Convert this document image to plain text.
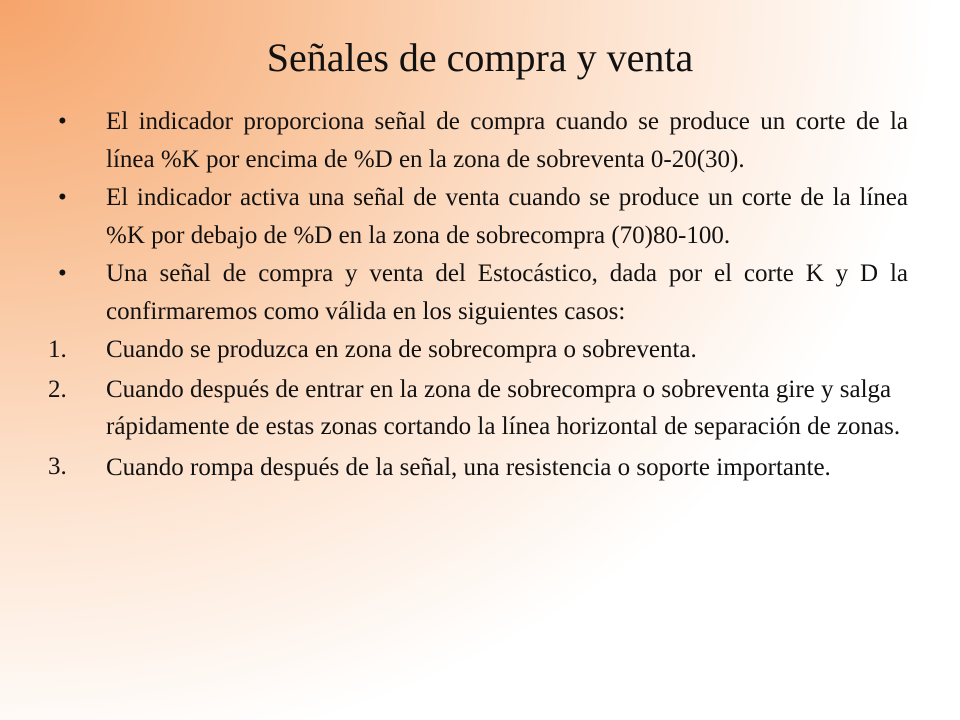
Señales de compra y venta
•	El indicador proporciona señal de compra cuando se produce un corte de la línea %K por encima de %D en la zona de sobreventa 0-20(30).
•	El indicador activa una señal de venta cuando se produce un corte de la línea %K por debajo de %D en la zona de sobrecompra (70)80-100.
•	Una señal de compra y venta del Estocástico, dada por el corte K y D la confirmaremos como válida en los siguientes casos:
1.	Cuando se produzca en zona de sobrecompra o sobreventa.
2.	Cuando después de entrar en la zona de sobrecompra o sobreventa gire y salga rápidamente de estas zonas cortando la línea horizontal de separación de zonas.
3.	Cuando rompa después de la señal, una resistencia o soporte importante.
